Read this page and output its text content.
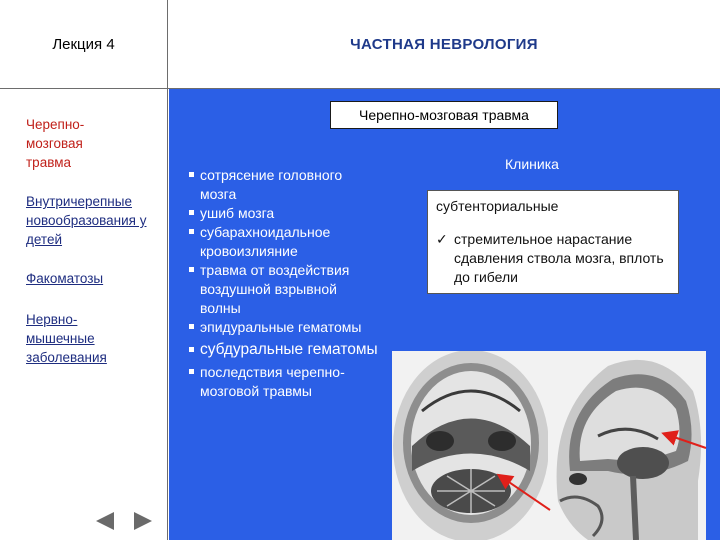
Лекция 4	ЧАСТНАЯ НЕВРОЛОГИЯ
Черепно-
мозговая
травма
Внутричерепные новообразования у детей
Факоматозы
Нервно-
мышечные заболевания
Черепно-мозговая травма
сотрясение головного мозга
ушиб мозга
субарахноидальное кровоизлияние
травма от воздействия воздушной взрывной волны
эпидуральные гематомы
субдуральные гематомы
последствия черепно-мозговой травмы
Клиника
субтенториальные
✓ стремительное нарастание сдавления ствола мозга, вплоть до гибели
